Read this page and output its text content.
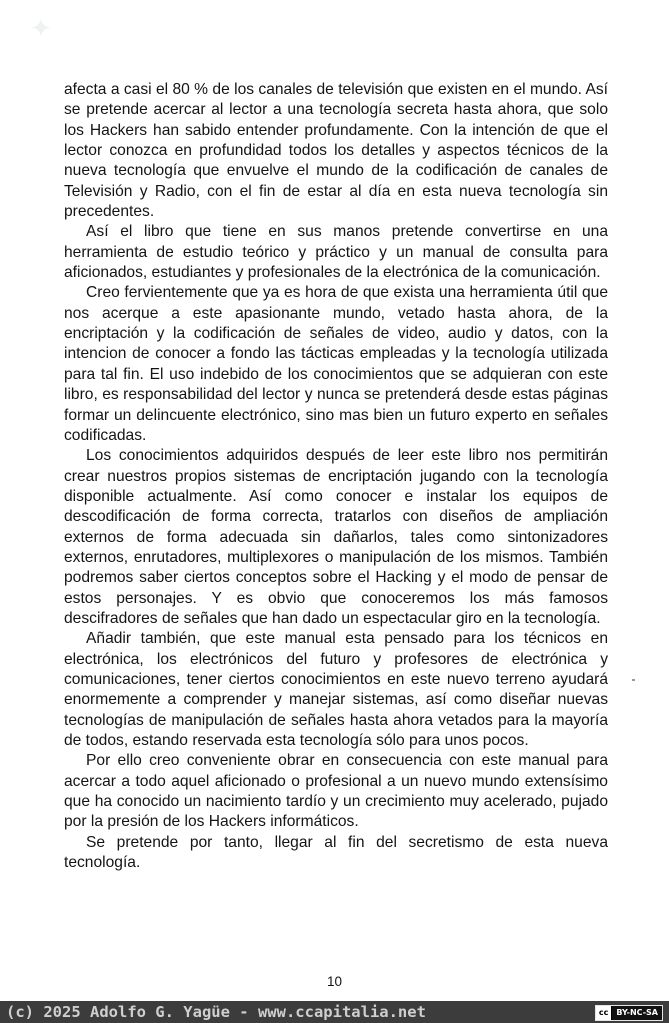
✦

afecta a casi el 80 % de los canales de televisión que existen en el mundo. Así se pretende acercar al lector a una tecnología secreta hasta ahora, que solo los Hackers han sabido entender profundamente. Con la intención de que el lector conozca en profundidad todos los detalles y aspectos técnicos de la nueva tecnología que envuelve el mundo de la codificación de canales de Televisión y Radio, con el fin de estar al día en esta nueva tecnología sin precedentes.

Así el libro que tiene en sus manos pretende convertirse en una herramienta de estudio teórico y práctico y un manual de consulta para aficionados, estudiantes y profesionales de la electrónica de la comunicación.

Creo fervientemente que ya es hora de que exista una herramienta útil que nos acerque a este apasionante mundo, vetado hasta ahora, de la encriptación y la codificación de señales de video, audio y datos, con la intencion de conocer a fondo las tácticas empleadas y la tecnología utilizada para tal fin. El uso indebido de los conocimientos que se adquieran con este libro, es responsabilidad del lector y nunca se pretenderá desde estas páginas formar un delincuente electrónico, sino mas bien un futuro experto en señales codificadas.

Los conocimientos adquiridos después de leer este libro nos permitirán crear nuestros propios sistemas de encriptación jugando con la tecnología disponible actualmente. Así como conocer e instalar los equipos de descodificación de forma correcta, tratarlos con diseños de ampliación externos de forma adecuada sin dañarlos, tales como sintonizadores externos, enrutadores, multiplexores o manipulación de los mismos. También podremos saber ciertos conceptos sobre el Hacking y el modo de pensar de estos personajes. Y es obvio que conoceremos los más famosos descifradores de señales que han dado un espectacular giro en la tecnología.

Añadir también, que este manual esta pensado para los técnicos en electrónica, los electrónicos del futuro y profesores de electrónica y comunicaciones, tener ciertos conocimientos en este nuevo terreno ayudará enormemente a comprender y manejar sistemas, así como diseñar nuevas tecnologías de manipulación de señales hasta ahora vetados para la mayoría de todos, estando reservada esta tecnología sólo para unos pocos.

Por ello creo conveniente obrar en consecuencia con este manual para acercar a todo aquel aficionado o profesional a un nuevo mundo extensísimo que ha conocido un nacimiento tardío y un crecimiento muy acelerado, pujado por la presión de los Hackers informáticos.

Se pretende por tanto, llegar al fin del secretismo de esta nueva tecnología.

10
(c) 2025 Adolfo G. Yagüe - www.ccapitalia.net	cc	BY-NC-SA
